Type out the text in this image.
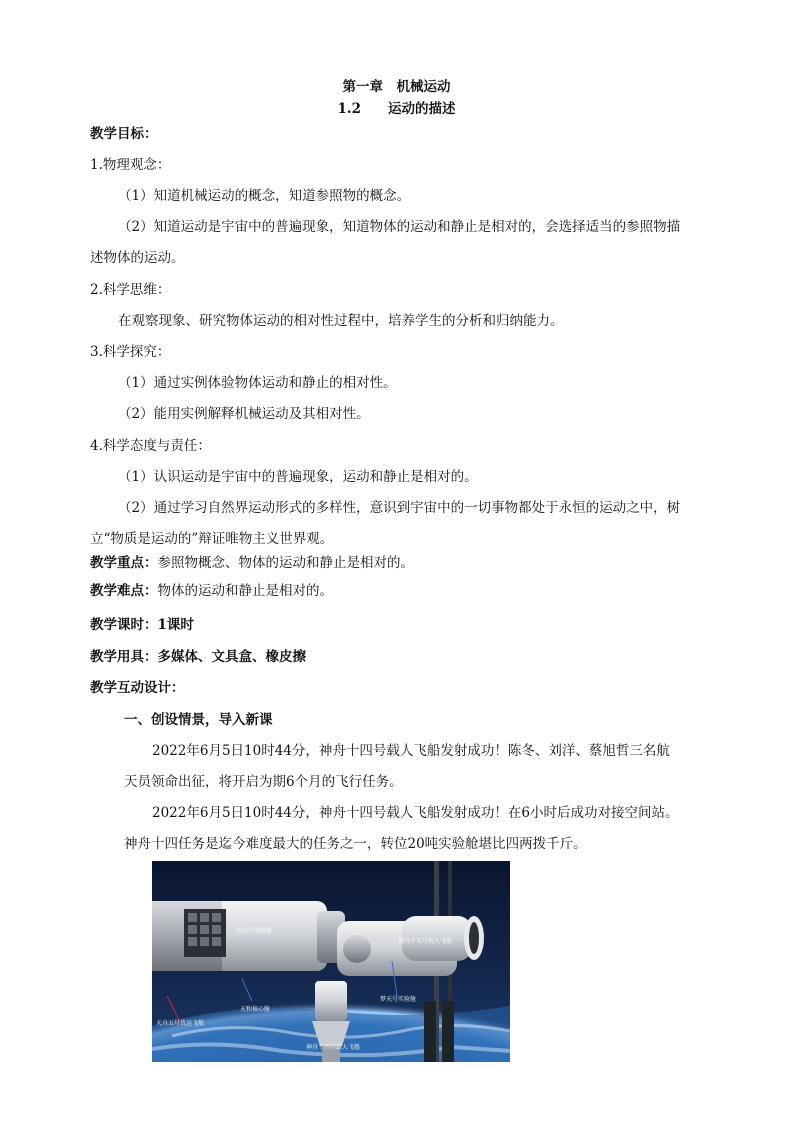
第一章　机械运动
1.2　　运动的描述
教学目标：
1.物理观念：
（1）知道机械运动的概念，知道参照物的概念。
（2）知道运动是宇宙中的普遍现象，知道物体的运动和静止是相对的，会选择适当的参照物描
述物体的运动。
2.科学思维：
在观察现象、研究物体运动的相对性过程中，培养学生的分析和归纳能力。
3.科学探究：
（1）通过实例体验物体运动和静止的相对性。
（2）能用实例解释机械运动及其相对性。
4.科学态度与责任：
（1）认识运动是宇宙中的普遍现象，运动和静止是相对的。
（2）通过学习自然界运动形式的多样性，意识到宇宙中的一切事物都处于永恒的运动之中，树
立“物质是运动的”辩证唯物主义世界观。
教学重点：参照物概念、物体的运动和静止是相对的。
教学难点：物体的运动和静止是相对的。
教学课时：1课时
教学用具：多媒体、文具盒、橡皮擦
教学互动设计：
一、创设情景，导入新课
2022年6月5日10时44分，神舟十四号载人飞船发射成功！陈冬、刘洋、蔡旭哲三名航
天员领命出征，将开启为期6个月的飞行任务。
2022年6月5日10时44分，神舟十四号载人飞船发射成功！在6小时后成功对接空间站。
神舟十四任务是迄今难度最大的任务之一，转位20吨实验舱堪比四两拨千斤。
问天号实验舱
神舟十五号载人飞船
天和核心舱
梦天号实验舱
天舟五号货运飞船
神舟十四号载人飞船
